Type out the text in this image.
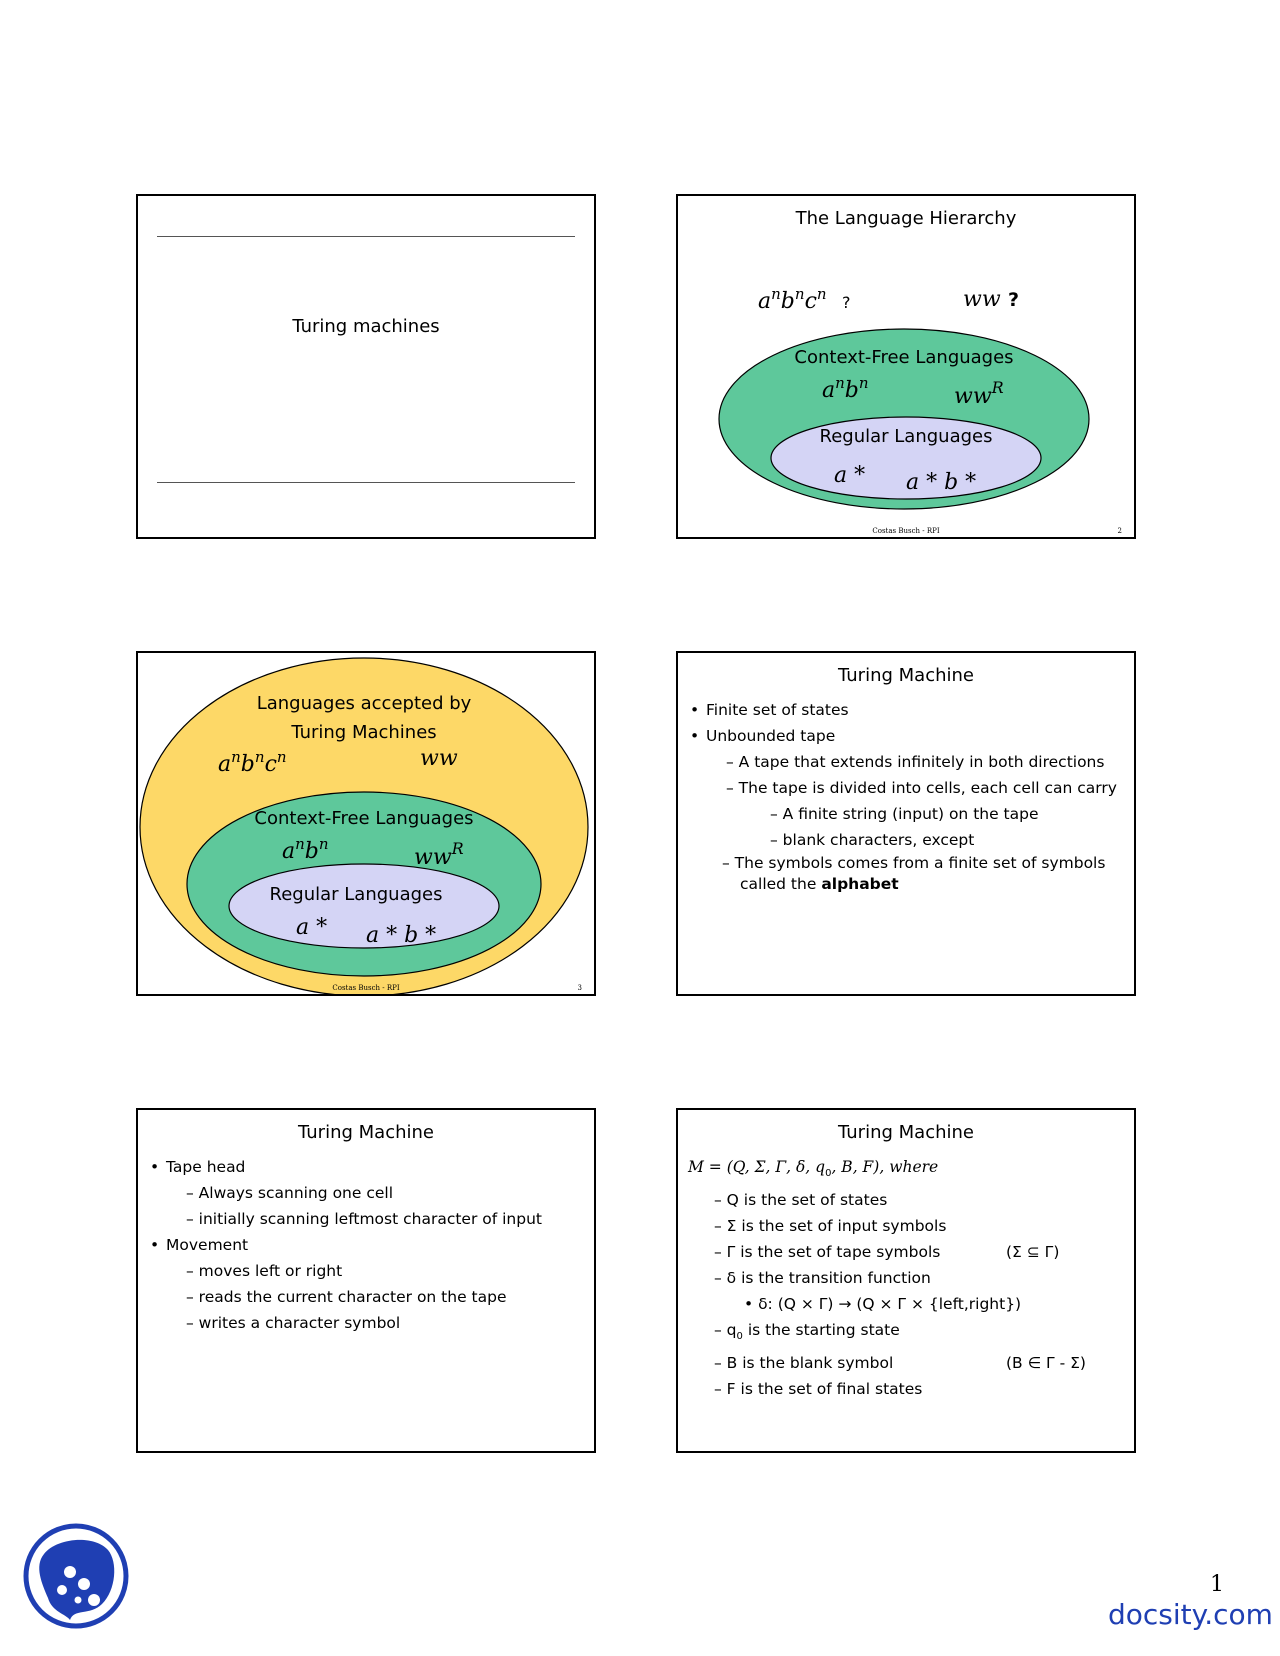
Turing machines
The Language Hierarchy
$a^nb^nc^n$ ?	ww ?
Context-Free Languages
$a^nb^n$
$ww^R$
Regular Languages
a * a * b *
Costas Busch - RPI	2
Languages accepted by
Turing Machines
$a^nb^nc^n$	ww
Context-Free Languages
$a^nb^n$
$ww^R$
Regular Languages
a * a * b *
Costas Busch - RPI	3
Turing Machine
• Finite set of states
• Unbounded tape
– A tape that extends infinitely in both directions
– The tape is divided into cells, each cell can carry
– A finite string (input) on the tape
– blank characters, except
– The symbols comes from a finite set of symbols called the alphabet
Turing Machine
• Tape head
– Always scanning one cell
– initially scanning leftmost character of input
• Movement
– moves left or right
– reads the current character on the tape
– writes a character symbol
Turing Machine
M = (Q, Σ, Γ, δ, $q_0$, B, F), where
– Q is the set of states
– Σ is the set of input symbols
– Γ is the set of tape symbols	(Σ ⊆ Γ)
– δ is the transition function
• δ: (Q × Γ) → (Q × Γ × {left,right})
– $q_0$ is the starting state
– B is the blank symbol	(B ∈ Γ - Σ)
– F is the set of final states
1
docsity.com
